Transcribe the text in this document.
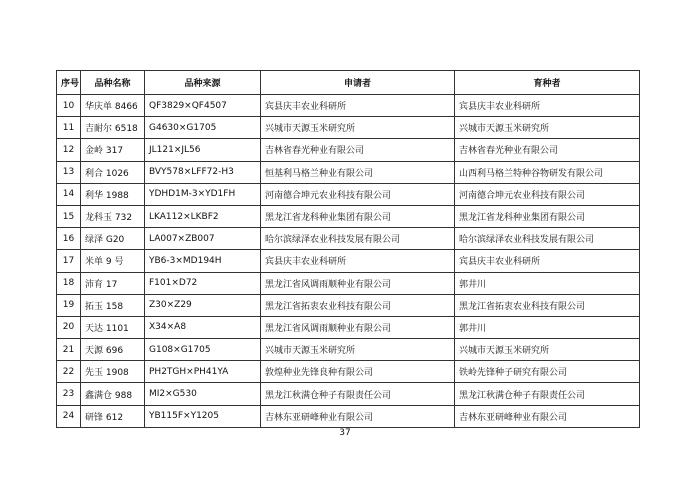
序号	品种名称	品种来源	申请者	育种者
10	华庆单 8466	QF3829×QF4507	宾县庆丰农业科研所	宾县庆丰农业科研所
11	吉耐尔 6518	G4630×G1705	兴城市天源玉米研究所	兴城市天源玉米研究所
12	金岭 317	JL121×JL56	吉林省春光种业有限公司	吉林省春光种业有限公司
13	利合 1026	BVY578×LFF72-H3	恒基利马格兰种业有限公司	山西利马格兰特种谷物研发有限公司
14	利华 1988	YDHD1M-3×YD1FH	河南德合坤元农业科技有限公司	河南德合坤元农业科技有限公司
15	龙科玉 732	LKA112×LKBF2	黑龙江省龙科种业集团有限公司	黑龙江省龙科种业集团有限公司
16	绿泽 G20	LA007×ZB007	哈尔滨绿泽农业科技发展有限公司	哈尔滨绿泽农业科技发展有限公司
17	米单 9 号	YB6-3×MD194H	宾县庆丰农业科研所	宾县庆丰农业科研所
18	沛育 17	F101×D72	黑龙江省风调雨顺种业有限公司	郭井川
19	拓玉 158	Z30×Z29	黑龙江省拓衷农业科技有限公司	黑龙江省拓衷农业科技有限公司
20	天达 1101	X34×A8	黑龙江省风调雨顺种业有限公司	郭井川
21	天源 696	G108×G1705	兴城市天源玉米研究所	兴城市天源玉米研究所
22	先玉 1908	PH2TGH×PH41YA	敦煌种业先锋良种有限公司	铁岭先锋种子研究有限公司
23	鑫满仓 988	MI2×G530	黑龙江秋满仓种子有限责任公司	黑龙江秋满仓种子有限责任公司
24	研锋 612	YB115F×Y1205	吉林东亚研峰种业有限公司	吉林东亚研峰种业有限公司
37
